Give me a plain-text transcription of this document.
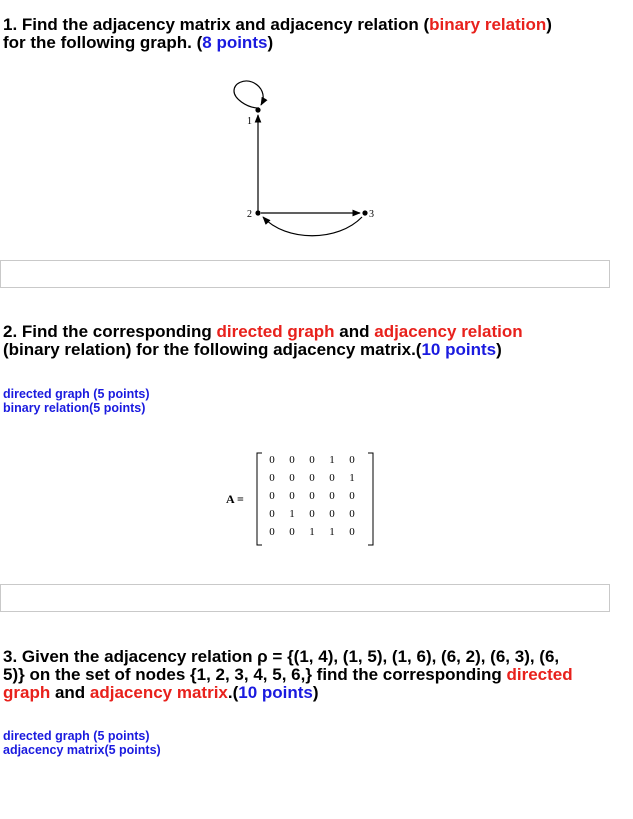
1. Find the adjacency matrix and adjacency relation (binary relation)
for the following graph. (8 points)
1
2	3
2. Find the corresponding directed graph and adjacency relation
(binary relation) for the following adjacency matrix.(10 points)
directed graph (5 points)
binary relation(5 points)
A =
0	0	0	1	0
0	0	0	0	1
0	0	0	0	0
0	1	0	0	0
0	0	1	1	0
3. Given the adjacency relation ρ = {(1, 4), (1, 5), (1, 6), (6, 2), (6, 3), (6,
5)} on the set of nodes {1, 2, 3, 4, 5, 6,} find the corresponding directed
graph and adjacency matrix.(10 points)
directed graph (5 points)
adjacency matrix(5 points)
